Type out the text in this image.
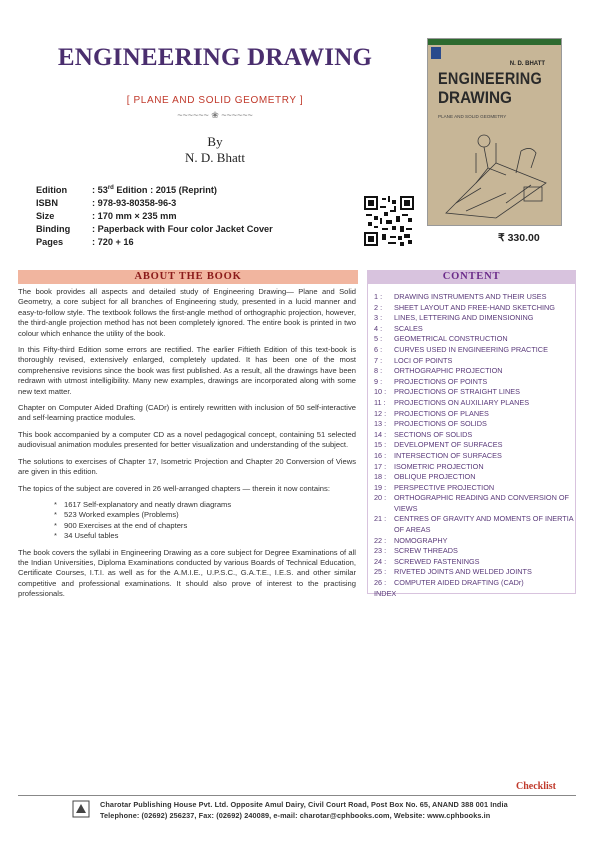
ENGINEERING DRAWING
[ PLANE AND SOLID GEOMETRY ]
~~~~~~ ❀ ~~~~~~
By
N. D. Bhatt
Edition	: 53rd Edition : 2015 (Reprint)
ISBN	: 978-93-80358-96-3
Size	: 170 mm × 235 mm
Binding : Paperback with Four color Jacket Cover
Pages	: 720 + 16
N. D. BHATT
ENGINEERING
DRAWING
PLANE AND SOLID GEOMETRY
₹ 330.00
ABOUT THE BOOK	CONTENT

The book provides all aspects and detailed study of Engineering Drawing— Plane and Solid Geometry, a core subject for all branches of Engineering study, presented in a lucid manner and easy-to-follow style. The textbook follows the first-angle method of orthographic projection, however, the third-angle projection method has not been completely ignored. The entire book is printed in two colour which enhance the utility of the book.

In this Fifty-third Edition some errors are rectified. The earlier Fiftieth Edition of this text-book is thoroughly revised, extensively enlarged, completely updated. It has been one of the most comprehensive revisions since the book was first published. As a result, all the drawings have been redrawn with utmost intelligibility. Many new examples, drawings are incorporated along with some new text matter.

Chapter on Computer Aided Drafting (CADr) is entirely rewritten with inclusion of 50 self-interactive and self-learning practice modules.

This book accompanied by a computer CD as a novel pedagogical concept, containing 51 selected audiovisual animation modules presented for better visualization and understanding of the subject.

The solutions to exercises of Chapter 17, Isometric Projection and Chapter 20 Conversion of Views are given in this edition.

The topics of the subject are covered in 26 well-arranged chapters — therein it now contains:

* 1617 Self-explanatory and neatly drawn diagrams
* 523 Worked examples (Problems)
* 900 Exercises at the end of chapters
* 34 Useful tables

The book covers the syllabi in Engineering Drawing as a core subject for Degree Examinations of all the Indian Universities, Diploma Examinations conducted by various Boards of Technical Education, Certificate Courses, I.T.I. as well as for the A.M.I.E., U.P.S.C., G.A.T.E., I.E.S. and other similar competitive and professional examinations. It should also prove of interest to the practising professionals.

1 :	DRAWING INSTRUMENTS AND THEIR USES
2 :	SHEET LAYOUT AND FREE-HAND SKETCHING
3 :	LINES, LETTERING AND DIMENSIONING
4 :	SCALES
5 :	GEOMETRICAL CONSTRUCTION
6 :	CURVES USED IN ENGINEERING PRACTICE
7 :	LOCI OF POINTS
8 :	ORTHOGRAPHIC PROJECTION
9 :	PROJECTIONS OF POINTS
10 :	PROJECTIONS OF STRAIGHT LINES
11 :	PROJECTIONS ON AUXILIARY PLANES
12 :	PROJECTIONS OF PLANES
13 :	PROJECTIONS OF SOLIDS
14 :	SECTIONS OF SOLIDS
15 :	DEVELOPMENT OF SURFACES
16 :	INTERSECTION OF SURFACES
17 :	ISOMETRIC PROJECTION
18 :	OBLIQUE PROJECTION
19 :	PERSPECTIVE PROJECTION
20 :	ORTHOGRAPHIC READING AND CONVERSION OF VIEWS
21 :	CENTRES OF GRAVITY AND MOMENTS OF INERTIA OF AREAS
22 :	NOMOGRAPHY
23 :	SCREW THREADS
24 :	SCREWED FASTENINGS
25 :	RIVETED JOINTS AND WELDED JOINTS
26 :	COMPUTER AIDED DRAFTING (CADr)
INDEX
Checklist
Charotar Publishing House Pvt. Ltd. Opposite Amul Dairy, Civil Court Road, Post Box No. 65, ANAND 388 001 India
Telephone: (02692) 256237, Fax: (02692) 240089, e-mail: charotar@cphbooks.com, Website: www.cphbooks.in
